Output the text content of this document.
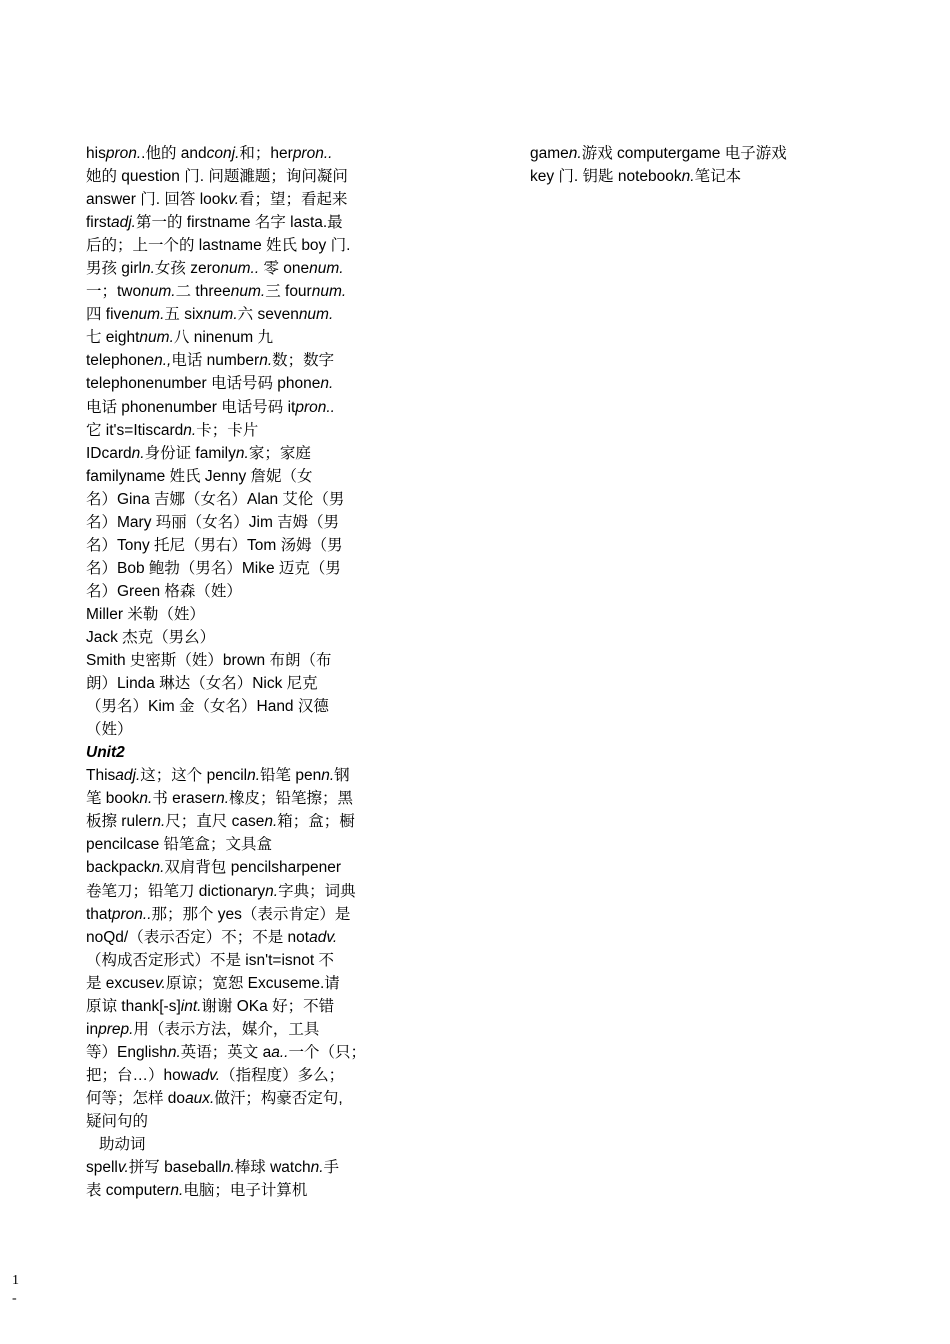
hispron..他的 andconj.和；herpron..
她的 question 门. 问题濉题；询问凝问
answer 门. 回答 lookv.看；望；看起来
firstadj.第一的 firstname 名字 lasta.最
后的；上一个的 lastname 姓氏 boy 门.
男孩 girln.女孩 zeronum.. 零 onenum.
一；twonum.二 threenum.三 fournum.
四 fivenum.五 sixnum.六 sevennum.
七 eightnum.八 ninenum 九
telephonen.,电话 numbern.数；数字
telephonenumber 电话号码 phonen.
电话 phonenumber 电话号码 itpron..
它 it's=Itiscardn.卡；卡片
IDcardn.身份证 familyn.家；家庭
familyname 姓氏 Jenny 詹妮（女
名）Gina 吉娜（女名）Alan 艾伦（男
名）Mary 玛丽（女名）Jim 吉姆（男
名）Tony 托尼（男右）Tom 汤姆（男
名）Bob 鲍勃（男名）Mike 迈克（男
名）Green 格森（姓）
Miller 米勒（姓）
Jack 杰克（男幺）
Smith 史密斯（姓）brown 布朗（布
朗）Linda 琳达（女名）Nick 尼克
（男名）Kim 金（女名）Hand 汉德
（姓）
Unit2
Thisadj.这；这个 penciln.铅笔 penn.钢
笔 bookn.书 erasern.橡皮；铅笔擦；黑
板擦 rulern.尺；直尺 casen.箱；盒；橱
pencilcase 铅笔盒；文具盒
backpackn.双肩背包 pencilsharpener
卷笔刀；铅笔刀 dictionaryn.字典；词典
thatpron..那；那个 yes（表示肯定）是
noQd/（表示否定）不；不是 notadv.
（构成否定形式）不是 isn't=isnot 不
是 excusev.原谅；宽恕 Excuseme.请
原谅 thank[-s]int.谢谢 OKa 好；不错
inprep.用（表示方法，媒介，工具
等）Englishn.英语；英文 aa..一个（只；
把；台…）howadv.（指程度）多么；
何等；怎样 doaux.做汗；构豪否定句,
疑问句的
助动词
spellv.拼写 baseballn.棒球 watchn.手
表 computern.电脑；电子计算机
gamen.游戏 computergame 电子游戏
key 门. 钥匙 notebookn.笔记本
1
-
